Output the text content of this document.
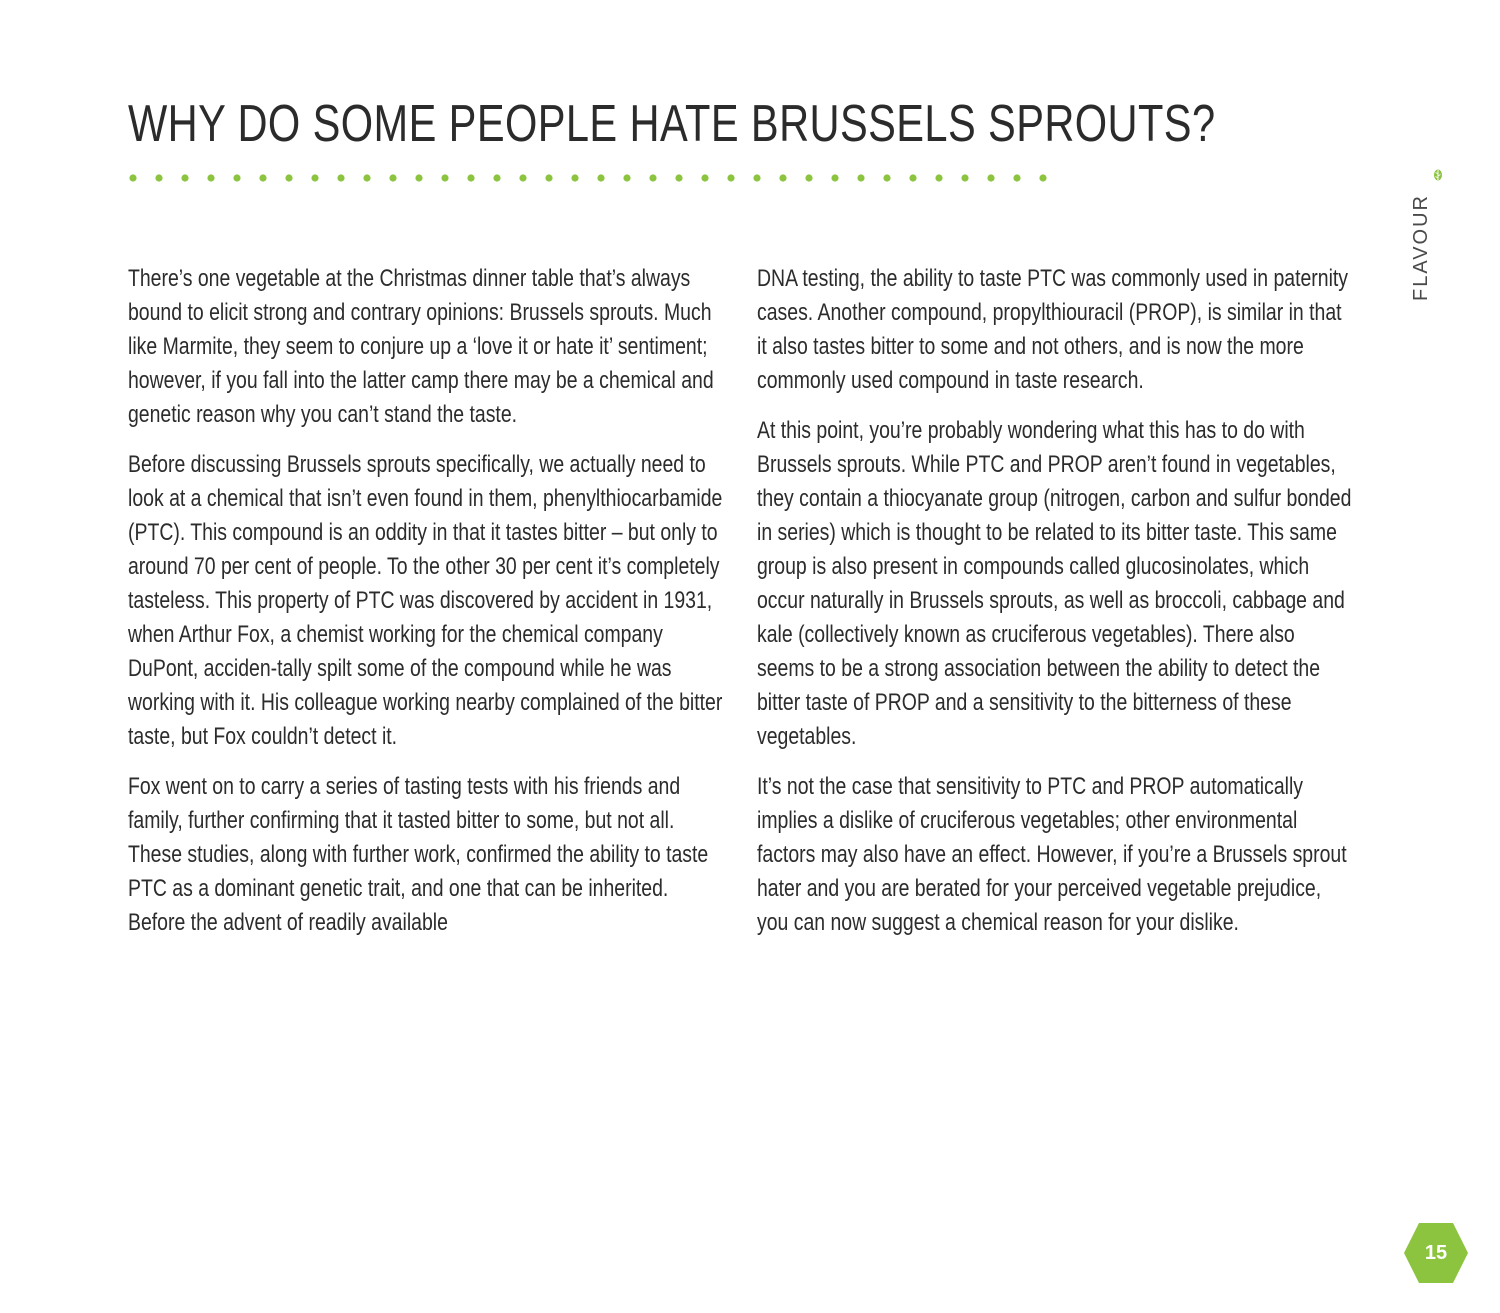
WHY DO SOME PEOPLE HATE BRUSSELS SPROUTS?
FLAVOUR

There’s one vegetable at the Christmas dinner table that’s always bound to elicit strong and contrary opinions: Brussels sprouts. Much like Marmite, they seem to conjure up a ‘love it or hate it’ sentiment; however, if you fall into the latter camp there may be a chemical and genetic reason why you can’t stand the taste.

Before discussing Brussels sprouts specifically, we actually need to look at a chemical that isn’t even found in them, phenylthiocarbamide (PTC). This compound is an oddity in that it tastes bitter – but only to around 70 per cent of people. To the other 30 per cent it’s completely tasteless. This property of PTC was discovered by accident in 1931, when Arthur Fox, a chemist working for the chemical company DuPont, acciden-tally spilt some of the compound while he was working with it. His colleague working nearby complained of the bitter taste, but Fox couldn’t detect it.

Fox went on to carry a series of tasting tests with his friends and family, further confirming that it tasted bitter to some, but not all. These studies, along with further work, confirmed the ability to taste PTC as a dominant genetic trait, and one that can be inherited. Before the advent of readily available

DNA testing, the ability to taste PTC was commonly used in paternity cases. Another compound, propylthiouracil (PROP), is similar in that it also tastes bitter to some and not others, and is now the more commonly used compound in taste research.

At this point, you’re probably wondering what this has to do with Brussels sprouts. While PTC and PROP aren’t found in vegetables, they contain a thiocyanate group (nitrogen, carbon and sulfur bonded in series) which is thought to be related to its bitter taste. This same group is also present in compounds called glucosinolates, which occur naturally in Brussels sprouts, as well as broccoli, cabbage and kale (collectively known as cruciferous vegetables). There also seems to be a strong association between the ability to detect the bitter taste of PROP and a sensitivity to the bitterness of these vegetables.

It’s not the case that sensitivity to PTC and PROP automatically implies a dislike of cruciferous vegetables; other environmental factors may also have an effect. However, if you’re a Brussels sprout hater and you are berated for your perceived vegetable prejudice, you can now suggest a chemical reason for your dislike.

15
